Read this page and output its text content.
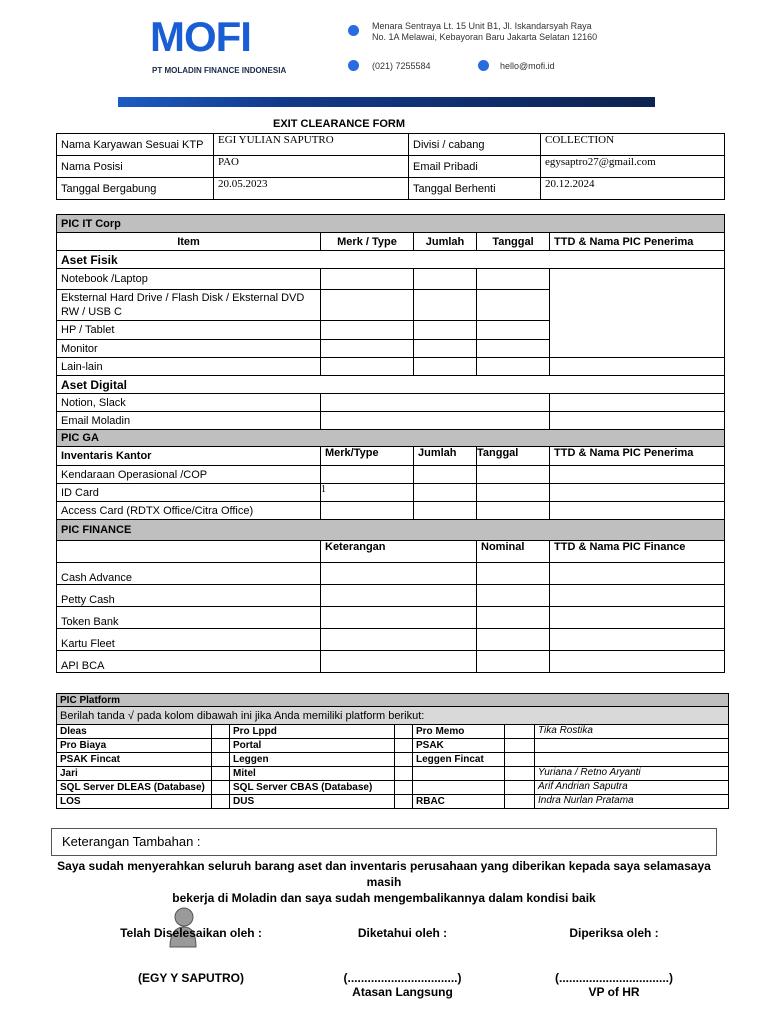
MOFI
PT MOLADIN FINANCE INDONESIA
Menara Sentraya Lt. 15 Unit B1, Jl. Iskandarsyah Raya
No. 1A Melawai, Kebayoran Baru Jakarta Selatan 12160
(021) 7255584	hello@mofi.id
EXIT CLEARANCE FORM
Nama Karyawan Sesuai KTP	EGI YULIAN SAPUTRO	Divisi / cabang	COLLECTION
Nama Posisi	PAO	Email Pribadi	egysaptro27@gmail.com
Tanggal Bergabung	20.05.2023	Tanggal Berhenti	20.12.2024
PIC IT Corp				
Item	Merk / Type	Jumlah	Tanggal	TTD & Nama PIC Penerima
Aset Fisik				
Notebook /Laptop				
Eksternal Hard Drive / Flash Disk / Eksternal DVD RW / USB C				
HP / Tablet				
Monitor				
Lain-lain				
Aset Digital				
Notion, Slack				
Email Moladin				
PIC GA				
Inventaris Kantor	Merk/Type	Jumlah	Tanggal	TTD & Nama PIC Penerima
Kendaraan Operasional /COP				
ID Card	1			
Access Card (RDTX Office/Citra Office)				
PIC FINANCE				
	Keterangan		Nominal	TTD & Nama PIC Finance
Cash Advance				
Petty Cash				
Token Bank				
Kartu Fleet				
API BCA				
PIC Platform						
Berilah tanda √ pada kolom dibawah ini jika Anda memiliki platform berikut:						
Dleas		Pro Lppd		Pro Memo		Tika Rostika
Pro Biaya		Portal		PSAK		
PSAK Fincat		Leggen		Leggen Fincat		
Jari		Mitel				Yuriana / Retno Aryanti
SQL Server DLEAS (Database)		SQL Server CBAS (Database)				Arif Andrian Saputra
LOS		DUS		RBAC		Indra Nurlan Pratama
Keterangan Tambahan :
Saya sudah menyerahkan seluruh barang aset dan inventaris perusahaan yang diberikan kepada saya selamasaya masih
bekerja di Moladin dan saya sudah mengembalikannya dalam kondisi baik
Telah Diselesaikan oleh :
(EGY Y SAPUTRO)
Diketahui oleh :
(.................................)
Atasan Langsung
Diperiksa oleh :
(.................................)
VP of HR
